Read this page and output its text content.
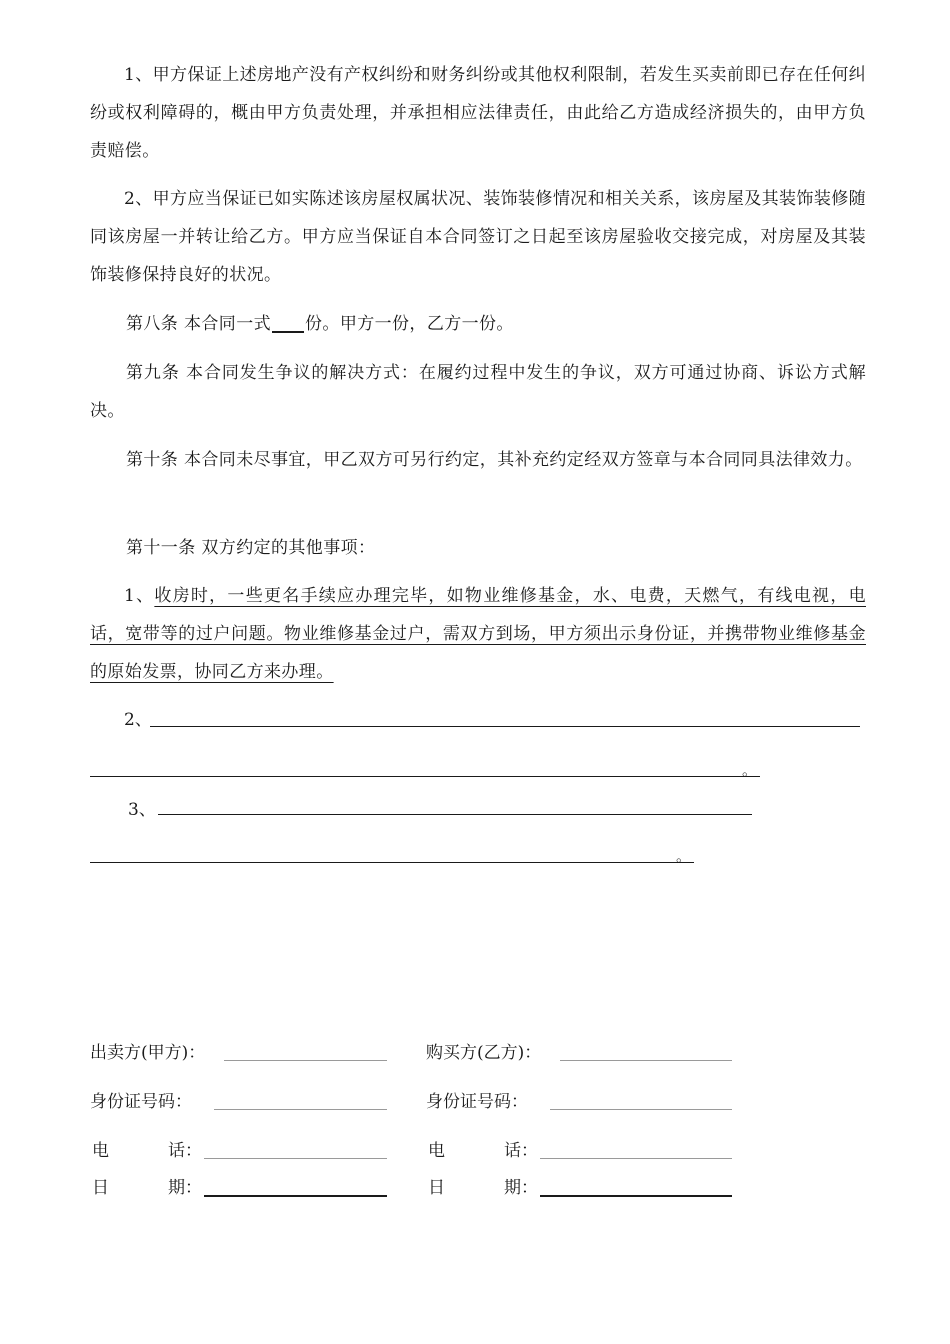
1、甲方保证上述房地产没有产权纠纷和财务纠纷或其他权利限制，若发生买卖前即已存在任何纠纷或权利障碍的，概由甲方负责处理，并承担相应法律责任，由此给乙方造成经济损失的，由甲方负责赔偿。

2、甲方应当保证已如实陈述该房屋权属状况、装饰装修情况和相关关系，该房屋及其装饰装修随同该房屋一并转让给乙方。甲方应当保证自本合同签订之日起至该房屋验收交接完成，对房屋及其装饰装修保持良好的状况。

第八条 本合同一式 份。甲方一份，乙方一份。

第九条 本合同发生争议的解决方式：在履约过程中发生的争议，双方可通过协商、诉讼方式解决。

第十条 本合同未尽事宜，甲乙双方可另行约定，其补充约定经双方签章与本合同同具法律效力。

第十一条 双方约定的其他事项：

1、收房时，一些更名手续应办理完毕，如物业维修基金，水、电费，天燃气，有线电视，电话，宽带等的过户问题。物业维修基金过户，需双方到场，甲方须出示身份证，并携带物业维修基金的原始发票，协同乙方来办理。

2、
。
3、
。
出卖方(甲方)：
身份证号码：
电	话：
日	期：
购买方(乙方)：
身份证号码：
电	话：
日	期：
